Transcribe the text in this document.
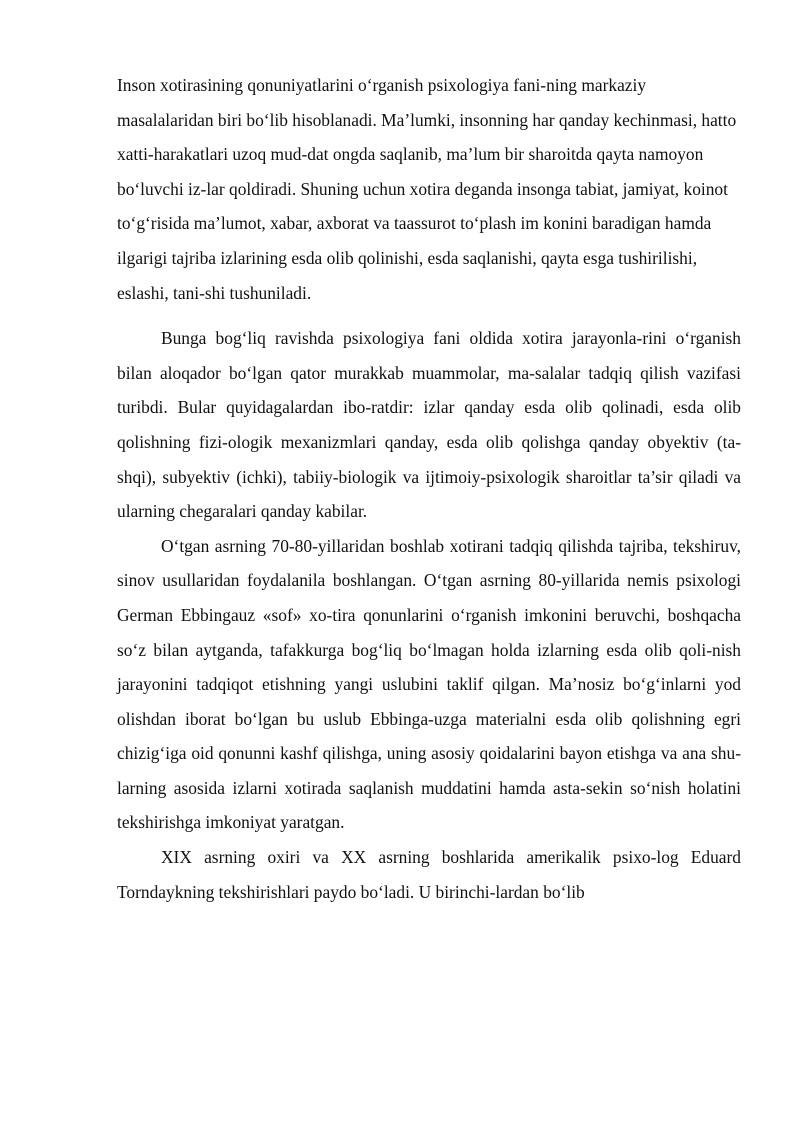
Inson xotirasining qonuniyatlarini o‘rganish psixologiya fani-ning markaziy masalalaridan biri bo‘lib hisoblanadi. Ma’lumki, insonning har qanday kechinmasi, hatto xatti-harakatlari uzoq mud-dat ongda saqlanib, ma’lum bir sharoitda qayta namoyon bo‘luvchi iz-lar qoldiradi. Shuning uchun xotira deganda insonga tabiat, jamiyat, koinot to‘g‘risida ma’lumot, xabar, axborat va taassurot to‘plash im konini baradigan hamda ilgarigi tajriba izlarining esda olib qolinishi, esda saqlanishi, qayta esga tushirilishi, eslashi, tani-shi tushuniladi.

Bunga bog‘liq ravishda psixologiya fani oldida xotira jarayonla-rini o‘rganish bilan aloqador bo‘lgan qator murakkab muammolar, ma-salalar tadqiq qilish vazifasi turibdi. Bular quyidagalardan ibo-ratdir: izlar qanday esda olib qolinadi, esda olib qolishning fizi-ologik mexanizmlari qanday, esda olib qolishga qanday obyektiv (ta-shqi), subyektiv (ichki), tabiiy-biologik va ijtimoiy-psixologik sharoitlar ta’sir qiladi va ularning chegaralari qanday kabilar.

O‘tgan asrning 70-80-yillaridan boshlab xotirani tadqiq qilishda tajriba, tekshiruv, sinov usullaridan foydalanila boshlangan. O‘tgan asrning 80-yillarida nemis psixologi German Ebbingauz «sof» xo-tira qonunlarini o‘rganish imkonini beruvchi, boshqacha so‘z bilan aytganda, tafakkurga bog‘liq bo‘lmagan holda izlarning esda olib qoli-nish jarayonini tadqiqot etishning yangi uslubini taklif qilgan. Ma’nosiz bo‘g‘inlarni yod olishdan iborat bo‘lgan bu uslub Ebbinga-uzga materialni esda olib qolishning egri chizig‘iga oid qonunni kashf qilishga, uning asosiy qoidalarini bayon etishga va ana shu-larning asosida izlarni xotirada saqlanish muddatini hamda asta-sekin so‘nish holatini tekshirishga imkoniyat yaratgan.

XIX asrning oxiri va XX asrning boshlarida amerikalik psixo-log Eduard Torndaykning tekshirishlari paydo bo‘ladi. U birinchi-lardan bo‘lib
